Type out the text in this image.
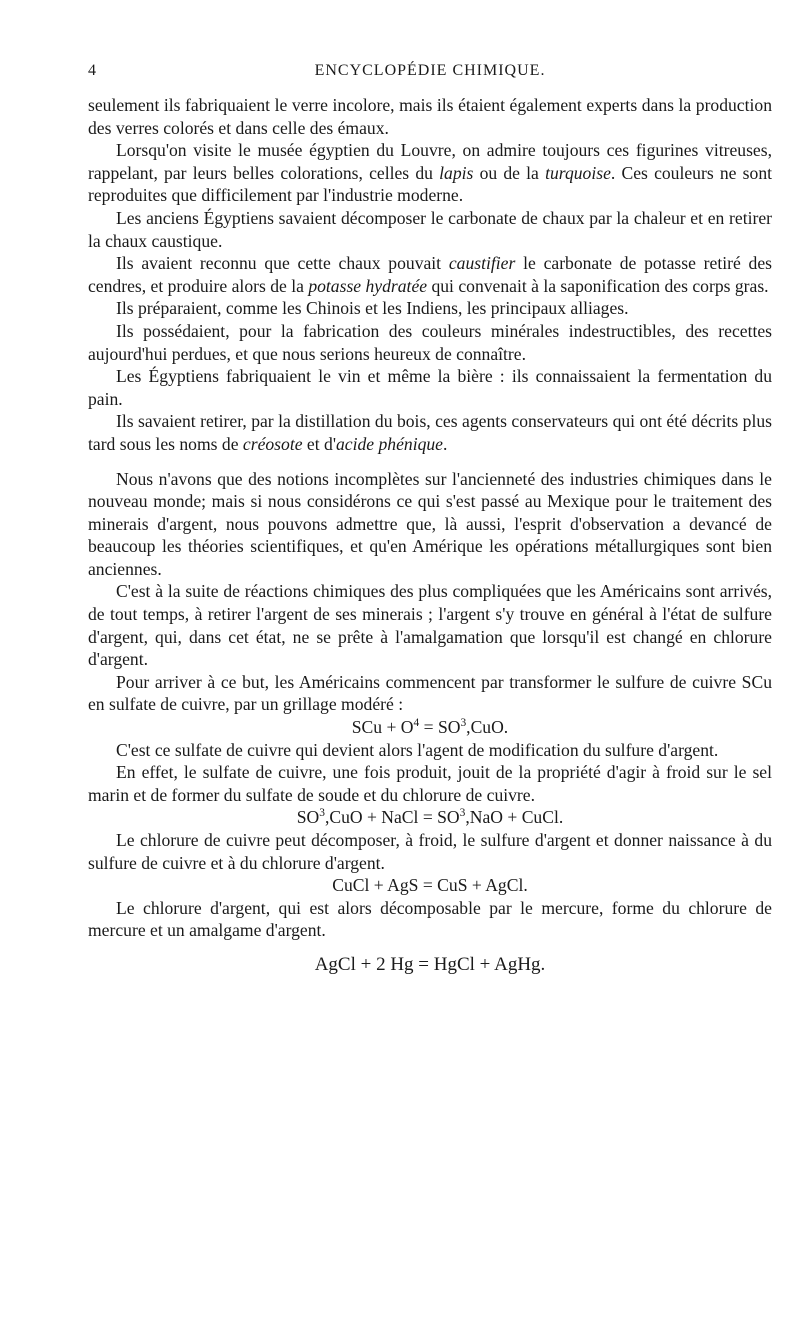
4	ENCYCLOPÉDIE CHIMIQUE.

seulement ils fabriquaient le verre incolore, mais ils étaient également experts dans la production des verres colorés et dans celle des émaux.

Lorsqu'on visite le musée égyptien du Louvre, on admire toujours ces figurines vitreuses, rappelant, par leurs belles colorations, celles du lapis ou de la turquoise. Ces couleurs ne sont reproduites que difficilement par l'industrie moderne.

Les anciens Égyptiens savaient décomposer le carbonate de chaux par la chaleur et en retirer la chaux caustique.

Ils avaient reconnu que cette chaux pouvait caustifier le carbonate de potasse retiré des cendres, et produire alors de la potasse hydratée qui convenait à la saponification des corps gras.

Ils préparaient, comme les Chinois et les Indiens, les principaux alliages.

Ils possédaient, pour la fabrication des couleurs minérales indestructibles, des recettes aujourd'hui perdues, et que nous serions heureux de connaître.

Les Égyptiens fabriquaient le vin et même la bière : ils connaissaient la fermentation du pain.

Ils savaient retirer, par la distillation du bois, ces agents conservateurs qui ont été décrits plus tard sous les noms de créosote et d'acide phénique.

Nous n'avons que des notions incomplètes sur l'ancienneté des industries chimiques dans le nouveau monde; mais si nous considérons ce qui s'est passé au Mexique pour le traitement des minerais d'argent, nous pouvons admettre que, là aussi, l'esprit d'observation a devancé de beaucoup les théories scientifiques, et qu'en Amérique les opérations métallurgiques sont bien anciennes.

C'est à la suite de réactions chimiques des plus compliquées que les Américains sont arrivés, de tout temps, à retirer l'argent de ses minerais ; l'argent s'y trouve en général à l'état de sulfure d'argent, qui, dans cet état, ne se prête à l'amalgamation que lorsqu'il est changé en chlorure d'argent.

Pour arriver à ce but, les Américains commencent par transformer le sulfure de cuivre SCu en sulfate de cuivre, par un grillage modéré :

SCu + $O^4 = SO^3,CuO$.

C'est ce sulfate de cuivre qui devient alors l'agent de modification du sulfure d'argent.

En effet, le sulfate de cuivre, une fois produit, jouit de la propriété d'agir à froid sur le sel marin et de former du sulfate de soude et du chlorure de cuivre.

$SO^3,CuO$ + NaCl = $SO^3,NaO$ + CuCl.

Le chlorure de cuivre peut décomposer, à froid, le sulfure d'argent et donner naissance à du sulfure de cuivre et à du chlorure d'argent.

CuCl + AgS = CuS + AgCl.

Le chlorure d'argent, qui est alors décomposable par le mercure, forme du chlorure de mercure et un amalgame d'argent.

AgCl + 2 Hg = HgCl + AgHg.
